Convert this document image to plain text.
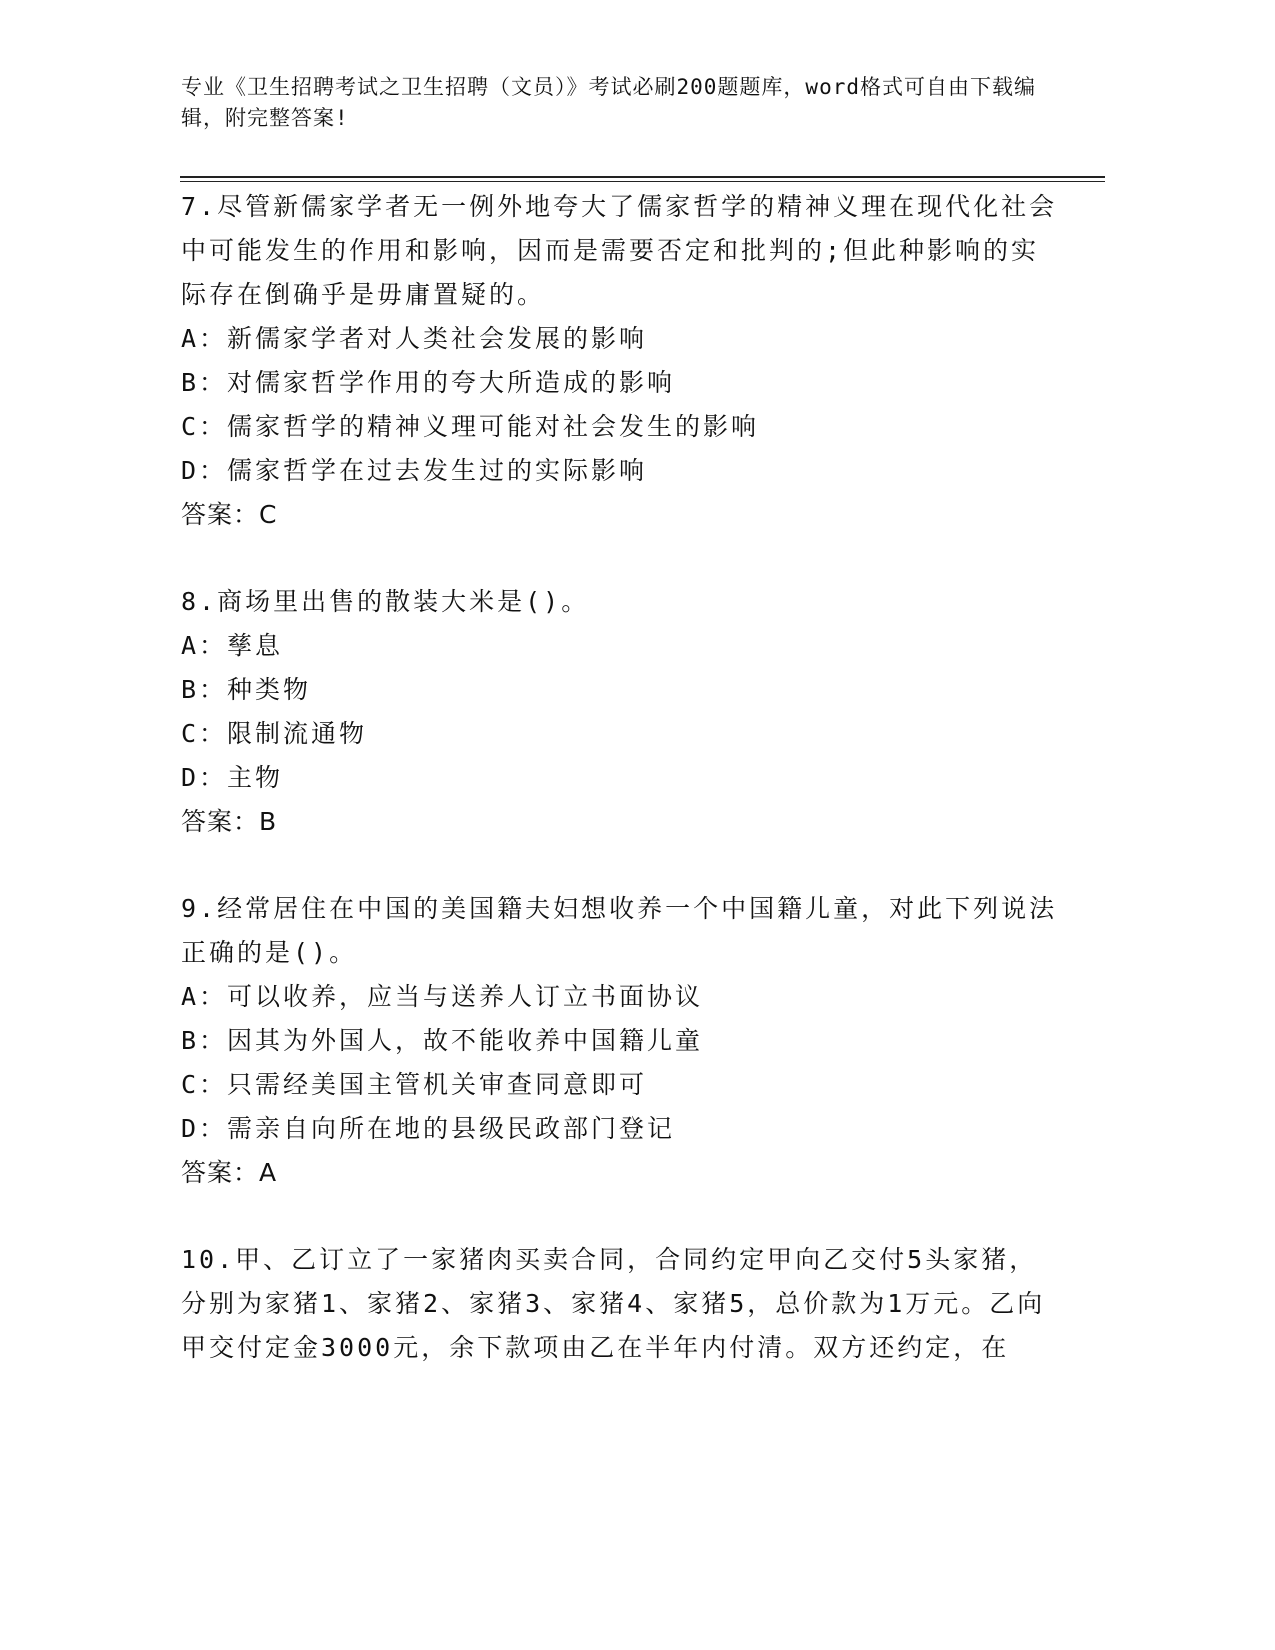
专业《卫生招聘考试之卫生招聘（文员）》考试必刷200题题库，word格式可自由下载编辑，附完整答案!
7.尽管新儒家学者无一例外地夸大了儒家哲学的精神义理在现代化社会中可能发生的作用和影响，因而是需要否定和批判的;但此种影响的实际存在倒确乎是毋庸置疑的。
A：新儒家学者对人类社会发展的影响
B：对儒家哲学作用的夸大所造成的影响
C：儒家哲学的精神义理可能对社会发生的影响
D：儒家哲学在过去发生过的实际影响
答案：C
8.商场里出售的散装大米是()。
A：孳息
B：种类物
C：限制流通物
D：主物
答案：B
9.经常居住在中国的美国籍夫妇想收养一个中国籍儿童，对此下列说法正确的是()。
A：可以收养，应当与送养人订立书面协议
B：因其为外国人，故不能收养中国籍儿童
C：只需经美国主管机关审查同意即可
D：需亲自向所在地的县级民政部门登记
答案：A
10.甲、乙订立了一家猪肉买卖合同，合同约定甲向乙交付5头家猪，分别为家猪1、家猪2、家猪3、家猪4、家猪5，总价款为1万元。乙向甲交付定金3000元，余下款项由乙在半年内付清。双方还约定，在
